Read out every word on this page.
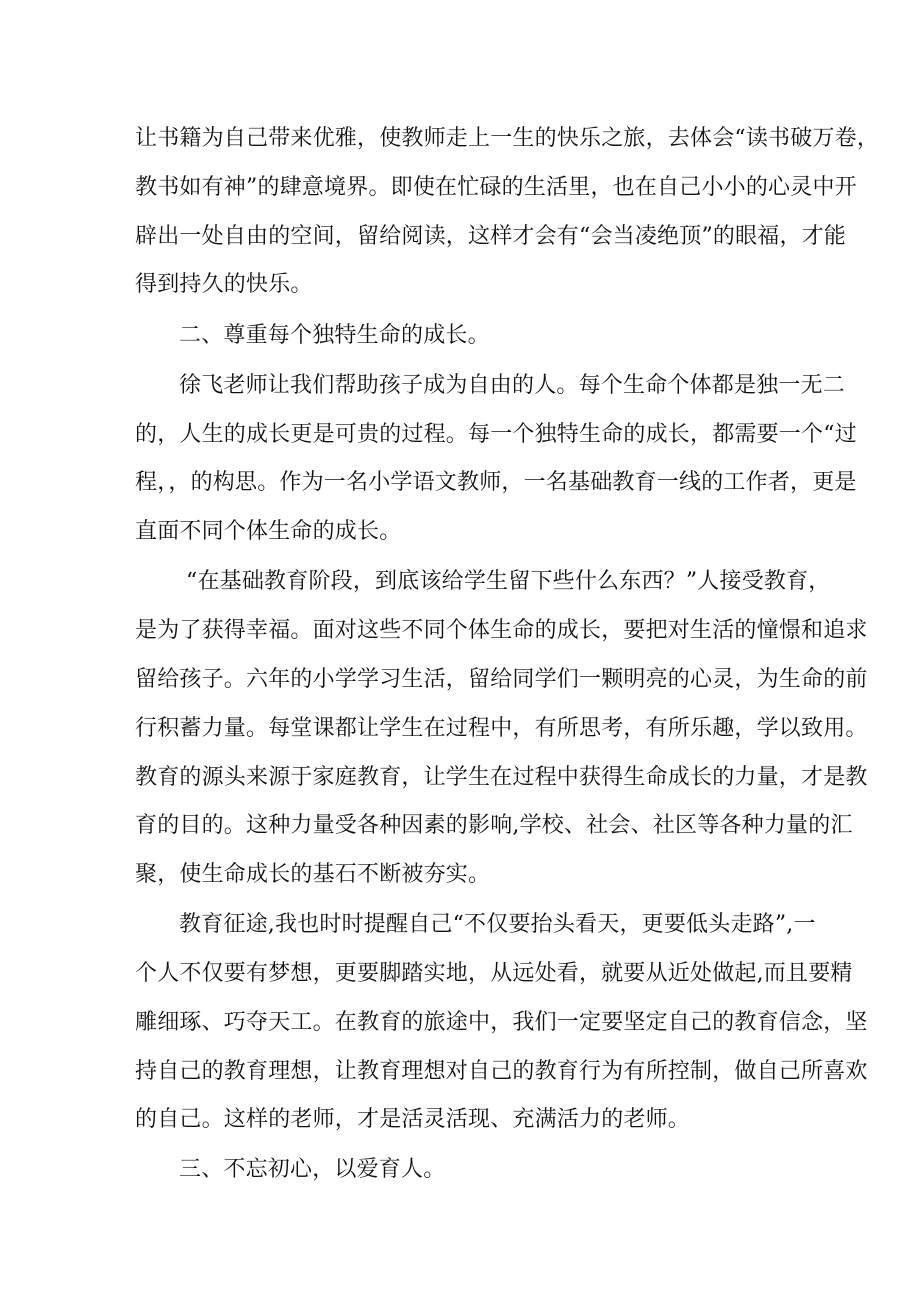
让书籍为自己带来优雅，使教师走上一生的快乐之旅，去体会“读书破万卷，
教书如有神”的肆意境界。即使在忙碌的生活里，也在自己小小的心灵中开
辟出一处自由的空间，留给阅读，这样才会有“会当凌绝顶”的眼福，才能
得到持久的快乐。
二、尊重每个独特生命的成长。
徐飞老师让我们帮助孩子成为自由的人。每个生命个体都是独一无二
的，人生的成长更是可贵的过程。每一个独特生命的成长，都需要一个“过
程，，的构思。作为一名小学语文教师，一名基础教育一线的工作者，更是
直面不同个体生命的成长。
“在基础教育阶段，到底该给学生留下些什么东西？”人接受教育，
是为了获得幸福。面对这些不同个体生命的成长，要把对生活的憧憬和追求
留给孩子。六年的小学学习生活，留给同学们一颗明亮的心灵，为生命的前
行积蓄力量。每堂课都让学生在过程中，有所思考，有所乐趣，学以致用。
教育的源头来源于家庭教育，让学生在过程中获得生命成长的力量，才是教
育的目的。这种力量受各种因素的影响,学校、社会、社区等各种力量的汇
聚，使生命成长的基石不断被夯实。
教育征途,我也时时提醒自己“不仅要抬头看天，更要低头走路”,一
个人不仅要有梦想，更要脚踏实地，从远处看，就要从近处做起,而且要精
雕细琢、巧夺天工。在教育的旅途中，我们一定要坚定自己的教育信念，坚
持自己的教育理想，让教育理想对自己的教育行为有所控制，做自己所喜欢
的自己。这样的老师，才是活灵活现、充满活力的老师。
三、不忘初心，以爱育人。
